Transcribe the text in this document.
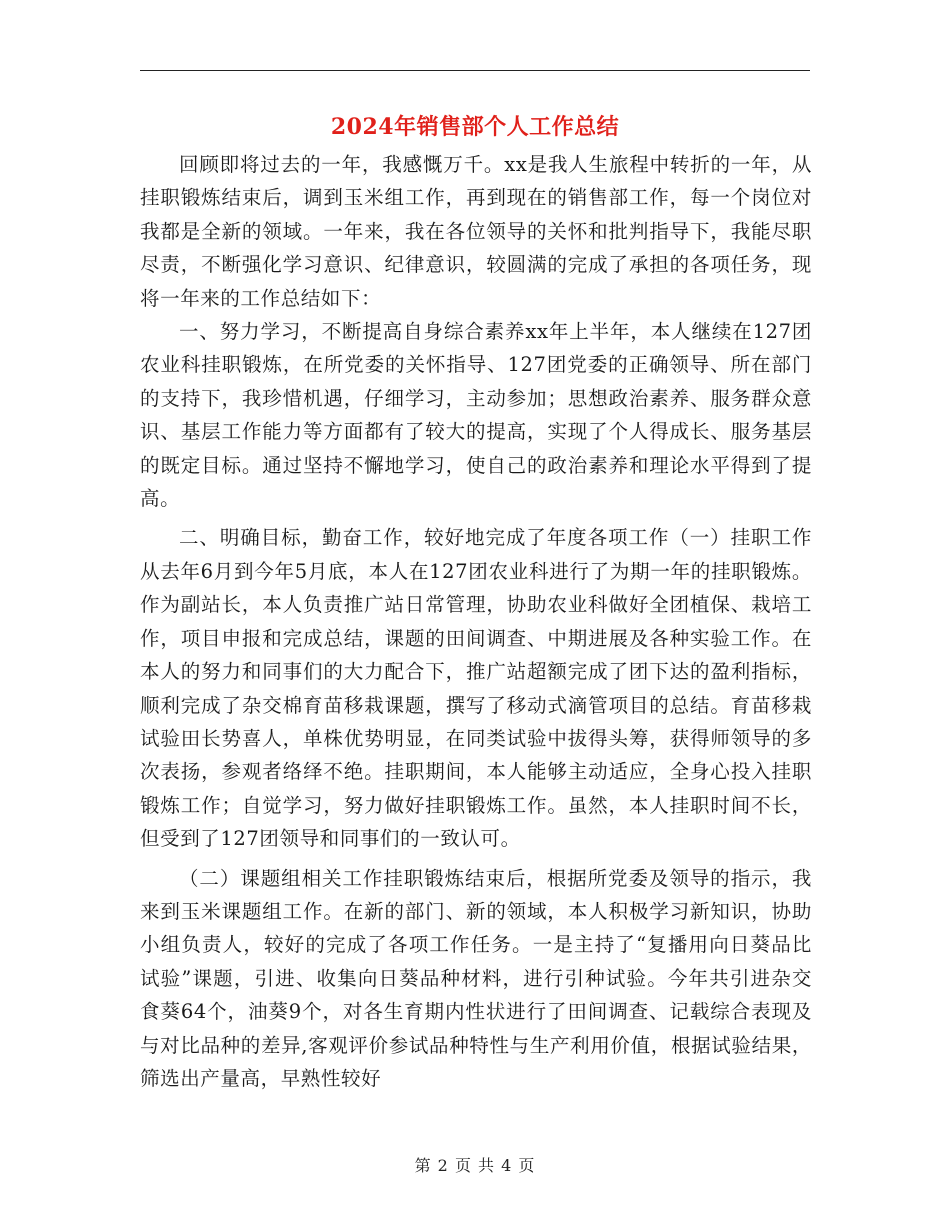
2024年销售部个人工作总结

回顾即将过去的一年，我感慨万千。xx是我人生旅程中转折的一年，从挂职锻炼结束后，调到玉米组工作，再到现在的销售部工作，每一个岗位对我都是全新的领域。一年来，我在各位领导的关怀和批判指导下，我能尽职尽责，不断强化学习意识、纪律意识，较圆满的完成了承担的各项任务，现将一年来的工作总结如下：

一、努力学习，不断提高自身综合素养xx年上半年，本人继续在127团农业科挂职锻炼，在所党委的关怀指导、127团党委的正确领导、所在部门的支持下，我珍惜机遇，仔细学习，主动参加；思想政治素养、服务群众意识、基层工作能力等方面都有了较大的提高，实现了个人得成长、服务基层的既定目标。通过坚持不懈地学习，使自己的政治素养和理论水平得到了提高。

二、明确目标，勤奋工作，较好地完成了年度各项工作（一）挂职工作从去年6月到今年5月底，本人在127团农业科进行了为期一年的挂职锻炼。作为副站长，本人负责推广站日常管理，协助农业科做好全团植保、栽培工作，项目申报和完成总结，课题的田间调查、中期进展及各种实验工作。在本人的努力和同事们的大力配合下，推广站超额完成了团下达的盈利指标，顺利完成了杂交棉育苗移栽课题，撰写了移动式滴管项目的总结。育苗移栽试验田长势喜人，单株优势明显，在同类试验中拔得头筹，获得师领导的多次表扬，参观者络绎不绝。挂职期间，本人能够主动适应，全身心投入挂职锻炼工作；自觉学习，努力做好挂职锻炼工作。虽然，本人挂职时间不长，但受到了127团领导和同事们的一致认可。

（二）课题组相关工作挂职锻炼结束后，根据所党委及领导的指示，我来到玉米课题组工作。在新的部门、新的领域，本人积极学习新知识，协助小组负责人，较好的完成了各项工作任务。一是主持了“复播用向日葵品比试验”课题，引进、收集向日葵品种材料，进行引种试验。今年共引进杂交食葵64个，油葵9个，对各生育期内性状进行了田间调查、记载综合表现及与对比品种的差异,客观评价参试品种特性与生产利用价值，根据试验结果，筛选出产量高，早熟性较好

第 2 页 共 4 页
